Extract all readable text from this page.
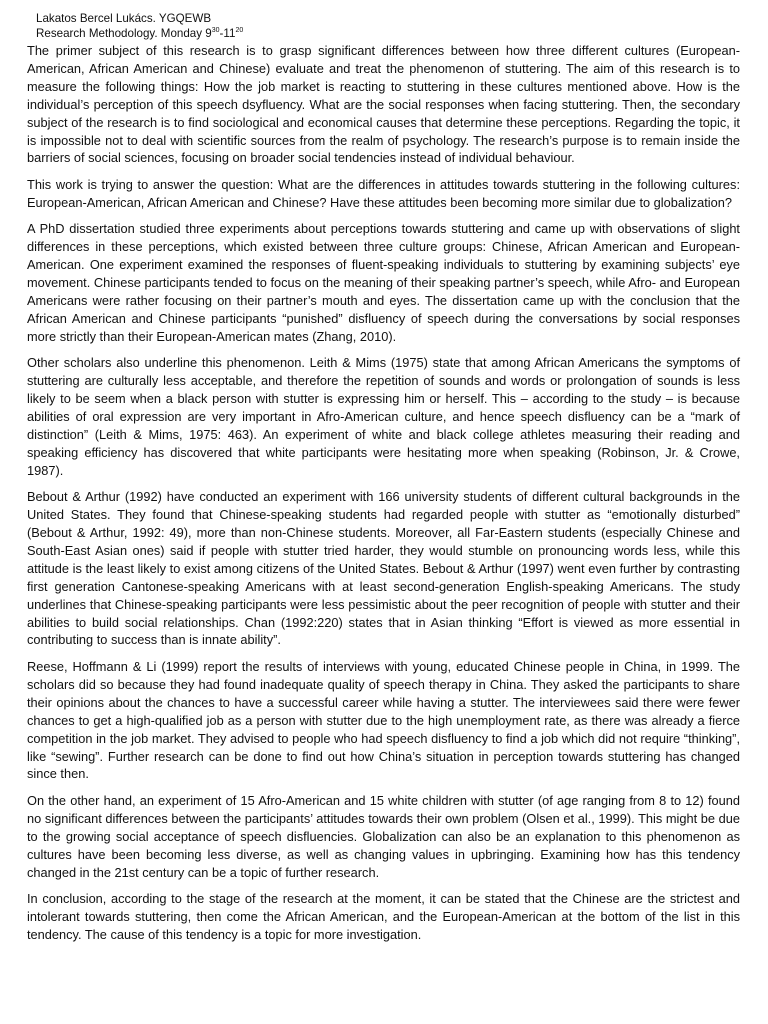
Lakatos Bercel Lukács. YGQEWB
Research Methodology. Monday $9^{30}-11^{20}$

The primer subject of this research is to grasp significant differences between how three different cultures (European-American, African American and Chinese) evaluate and treat the phenomenon of stuttering. The aim of this research is to measure the following things: How the job market is reacting to stuttering in these cultures mentioned above. How is the individual’s perception of this speech dsyfluency. What are the social responses when facing stuttering. Then, the secondary subject of the research is to find sociological and economical causes that determine these perceptions. Regarding the topic, it is impossible not to deal with scientific sources from the realm of psychology. The research’s purpose is to remain inside the barriers of social sciences, focusing on broader social tendencies instead of individual behaviour.

This work is trying to answer the question: What are the differences in attitudes towards stuttering in the following cultures: European-American, African American and Chinese? Have these attitudes been becoming more similar due to globalization?

A PhD dissertation studied three experiments about perceptions towards stuttering and came up with observations of slight differences in these perceptions, which existed between three culture groups: Chinese, African American and European-American. One experiment examined the responses of fluent-speaking individuals to stuttering by examining subjects’ eye movement. Chinese participants tended to focus on the meaning of their speaking partner’s speech, while Afro- and European Americans were rather focusing on their partner’s mouth and eyes. The dissertation came up with the conclusion that the African American and Chinese participants “punished” disfluency of speech during the conversations by social responses more strictly than their European-American mates (Zhang, 2010).

Other scholars also underline this phenomenon. Leith & Mims (1975) state that among African Americans the symptoms of stuttering are culturally less acceptable, and therefore the repetition of sounds and words or prolongation of sounds is less likely to be seem when a black person with stutter is expressing him or herself. This – according to the study – is because abilities of oral expression are very important in Afro-American culture, and hence speech disfluency can be a “mark of distinction” (Leith & Mims, 1975: 463). An experiment of white and black college athletes measuring their reading and speaking efficiency has discovered that white participants were hesitating more when speaking (Robinson, Jr. & Crowe, 1987).

Bebout & Arthur (1992) have conducted an experiment with 166 university students of different cultural backgrounds in the United States. They found that Chinese-speaking students had regarded people with stutter as “emotionally disturbed” (Bebout & Arthur, 1992: 49), more than non-Chinese students. Moreover, all Far-Eastern students (especially Chinese and South-East Asian ones) said if people with stutter tried harder, they would stumble on pronouncing words less, while this attitude is the least likely to exist among citizens of the United States. Bebout & Arthur (1997) went even further by contrasting first generation Cantonese-speaking Americans with at least second-generation English-speaking Americans. The study underlines that Chinese-speaking participants were less pessimistic about the peer recognition of people with stutter and their abilities to build social relationships. Chan (1992:220) states that in Asian thinking “Effort is viewed as more essential in contributing to success than is innate ability”.

Reese, Hoffmann & Li (1999) report the results of interviews with young, educated Chinese people in China, in 1999. The scholars did so because they had found inadequate quality of speech therapy in China. They asked the participants to share their opinions about the chances to have a successful career while having a stutter. The interviewees said there were fewer chances to get a high-qualified job as a person with stutter due to the high unemployment rate, as there was already a fierce competition in the job market. They advised to people who had speech disfluency to find a job which did not require “thinking”, like “sewing”. Further research can be done to find out how China’s situation in perception towards stuttering has changed since then.

On the other hand, an experiment of 15 Afro-American and 15 white children with stutter (of age ranging from 8 to 12) found no significant differences between the participants’ attitudes towards their own problem (Olsen et al., 1999). This might be due to the growing social acceptance of speech disfluencies. Globalization can also be an explanation to this phenomenon as cultures have been becoming less diverse, as well as changing values in upbringing. Examining how has this tendency changed in the 21st century can be a topic of further research.

In conclusion, according to the stage of the research at the moment, it can be stated that the Chinese are the strictest and intolerant towards stuttering, then come the African American, and the European-American at the bottom of the list in this tendency. The cause of this tendency is a topic for more investigation.
